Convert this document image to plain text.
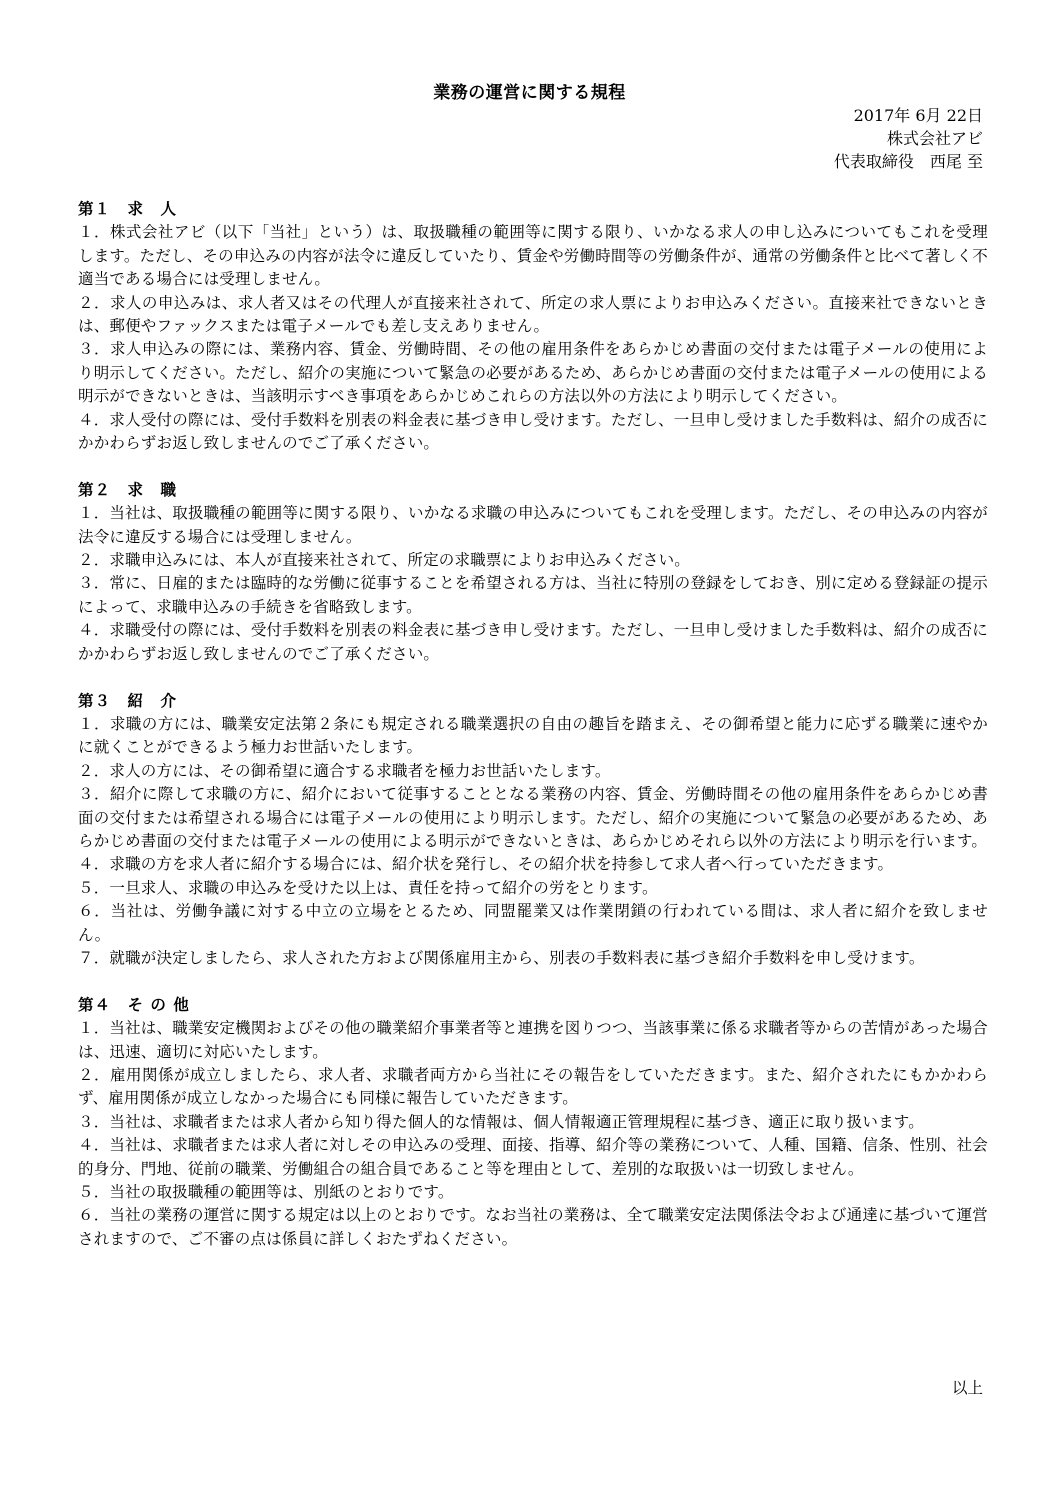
業務の運営に関する規程
2017年 6月 22日
株式会社アビ
代表取締役　西尾 至
第１　求　人

１．株式会社アビ（以下「当社」という）は、取扱職種の範囲等に関する限り、いかなる求人の申し込みについてもこれを受理します。ただし、その申込みの内容が法令に違反していたり、賃金や労働時間等の労働条件が、通常の労働条件と比べて著しく不適当である場合には受理しません。

２．求人の申込みは、求人者又はその代理人が直接来社されて、所定の求人票によりお申込みください。直接来社できないときは、郵便やファックスまたは電子メールでも差し支えありません。

３．求人申込みの際には、業務内容、賃金、労働時間、その他の雇用条件をあらかじめ書面の交付または電子メールの使用により明示してください。ただし、紹介の実施について緊急の必要があるため、あらかじめ書面の交付または電子メールの使用による明示ができないときは、当該明示すべき事項をあらかじめこれらの方法以外の方法により明示してください。

４．求人受付の際には、受付手数料を別表の料金表に基づき申し受けます。ただし、一旦申し受けました手数料は、紹介の成否にかかわらずお返し致しませんのでご了承ください。

第２　求　職

１．当社は、取扱職種の範囲等に関する限り、いかなる求職の申込みについてもこれを受理します。ただし、その申込みの内容が法令に違反する場合には受理しません。

２．求職申込みには、本人が直接来社されて、所定の求職票によりお申込みください。

３．常に、日雇的または臨時的な労働に従事することを希望される方は、当社に特別の登録をしておき、別に定める登録証の提示によって、求職申込みの手続きを省略致します。

４．求職受付の際には、受付手数料を別表の料金表に基づき申し受けます。ただし、一旦申し受けました手数料は、紹介の成否にかかわらずお返し致しませんのでご了承ください。

第３　紹　介

１．求職の方には、職業安定法第２条にも規定される職業選択の自由の趣旨を踏まえ、その御希望と能力に応ずる職業に速やかに就くことができるよう極力お世話いたします。

２．求人の方には、その御希望に適合する求職者を極力お世話いたします。

３．紹介に際して求職の方に、紹介において従事することとなる業務の内容、賃金、労働時間その他の雇用条件をあらかじめ書面の交付または希望される場合には電子メールの使用により明示します。ただし、紹介の実施について緊急の必要があるため、あらかじめ書面の交付または電子メールの使用による明示ができないときは、あらかじめそれら以外の方法により明示を行います。

４．求職の方を求人者に紹介する場合には、紹介状を発行し、その紹介状を持参して求人者へ行っていただきます。

５．一旦求人、求職の申込みを受けた以上は、責任を持って紹介の労をとります。

６．当社は、労働争議に対する中立の立場をとるため、同盟罷業又は作業閉鎖の行われている間は、求人者に紹介を致しません。

７．就職が決定しましたら、求人された方および関係雇用主から、別表の手数料表に基づき紹介手数料を申し受けます。

第４　そ の 他

１．当社は、職業安定機関およびその他の職業紹介事業者等と連携を図りつつ、当該事業に係る求職者等からの苦情があった場合は、迅速、適切に対応いたします。

２．雇用関係が成立しましたら、求人者、求職者両方から当社にその報告をしていただきます。また、紹介されたにもかかわらず、雇用関係が成立しなかった場合にも同様に報告していただきます。

３．当社は、求職者または求人者から知り得た個人的な情報は、個人情報適正管理規程に基づき、適正に取り扱います。

４．当社は、求職者または求人者に対しその申込みの受理、面接、指導、紹介等の業務について、人種、国籍、信条、性別、社会的身分、門地、従前の職業、労働組合の組合員であること等を理由として、差別的な取扱いは一切致しません。

５．当社の取扱職種の範囲等は、別紙のとおりです。

６．当社の業務の運営に関する規定は以上のとおりです。なお当社の業務は、全て職業安定法関係法令および通達に基づいて運営されますので、ご不審の点は係員に詳しくおたずねください。

以上
